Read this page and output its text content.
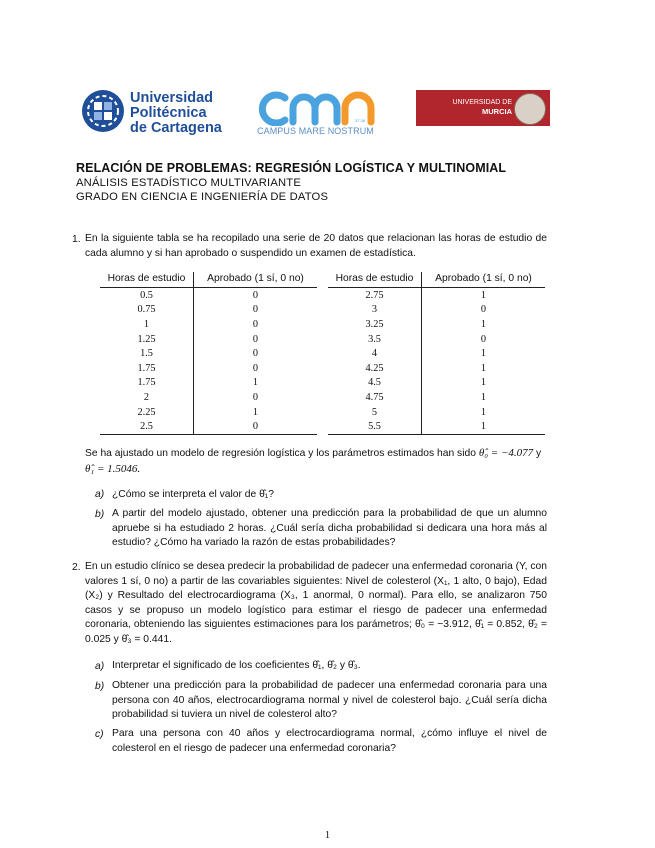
Universidad
Politécnica
de Cartagena	37 38
CAMPUS MARE NOSTRUM
UNIVERSIDAD DE
MURCIA
RELACIÓN DE PROBLEMAS: REGRESIÓN LOGÍSTICA Y MULTINOMIAL
ANÁLISIS ESTADÍSTICO MULTIVARIANTE
GRADO EN CIENCIA E INGENIERÍA DE DATOS
1. En la siguiente tabla se ha recopilado una serie de 20 datos que relacionan las horas de estudio de cada alumno y si han aprobado o suspendido un examen de estadística.
Horas de estudio	Aprobado (1 sí, 0 no)
0.5	0
0.75	0
1	0
1.25	0
1.5	0
1.75	0
1.75	1
2	0
2.25	1
2.5	0
Horas de estudio	Aprobado (1 sí, 0 no)
2.75	1
3	0
3.25	1
3.5	0
4	1
4.25	1
4.5	1
4.75	1
5	1
5.5	1
Se ha ajustado un modelo de regresión logística y los parámetros estimados han sido θ̂₀ = −4.077 y θ̂₁ = 1.5046.
a) ¿Cómo se interpreta el valor de θ̂₁?
b) A partir del modelo ajustado, obtener una predicción para la probabilidad de que un alumno apruebe si ha estudiado 2 horas. ¿Cuál sería dicha probabilidad si dedicara una hora más al estudio? ¿Cómo ha variado la razón de estas probabilidades?
2. En un estudio clínico se desea predecir la probabilidad de padecer una enfermedad coronaria (Y, con valores 1 sí, 0 no) a partir de las covariables siguientes: Nivel de colesterol (X₁, 1 alto, 0 bajo), Edad (X₂) y Resultado del electrocardiograma (X₃, 1 anormal, 0 normal). Para ello, se analizaron 750 casos y se propuso un modelo logístico para estimar el riesgo de padecer una enfermedad coronaria, obteniendo las siguientes estimaciones para los parámetros; θ̂₀ = −3.912, θ̂₁ = 0.852, θ̂₂ = 0.025 y θ̂₃ = 0.441.
a) Interpretar el significado de los coeficientes θ̂₁, θ̂₂ y θ̂₃.
b) Obtener una predicción para la probabilidad de padecer una enfermedad coronaria para una persona con 40 años, electrocardiograma normal y nivel de colesterol bajo. ¿Cuál sería dicha probabilidad si tuviera un nivel de colesterol alto?
c) Para una persona con 40 años y electrocardiograma normal, ¿cómo influye el nivel de colesterol en el riesgo de padecer una enfermedad coronaria?
1
